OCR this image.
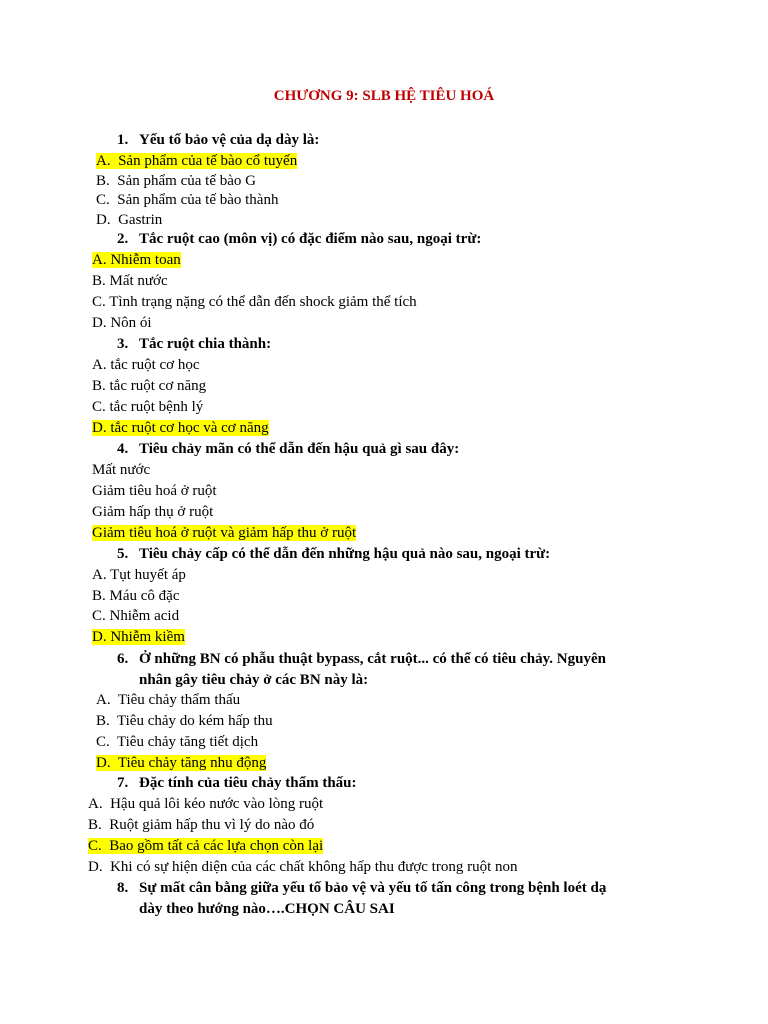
CHƯƠNG 9: SLB HỆ TIÊU HOÁ
1. Yếu tố bảo vệ của dạ dày là:
A. Sản phẩm của tế bào cổ tuyến
B. Sản phẩm của tế bào G
C. Sản phẩm của tế bào thành
D. Gastrin
2. Tắc ruột cao (môn vị) có đặc điểm nào sau, ngoại trừ:
A. Nhiễm toan
B. Mất nước
C. Tình trạng nặng có thể dẫn đến shock giảm thể tích
D. Nôn ói
3. Tắc ruột chia thành:
A. tắc ruột cơ học
B. tắc ruột cơ năng
C. tắc ruột bệnh lý
D. tắc ruột cơ học và cơ năng
4. Tiêu chảy mãn có thể dẫn đến hậu quả gì sau đây:
Mất nước
Giảm tiêu hoá ở ruột
Giảm hấp thụ ở ruột
Giảm tiêu hoá ở ruột và giảm hấp thu ở ruột
5. Tiêu chảy cấp có thể dẫn đến những hậu quả nào sau, ngoại trừ:
A. Tụt huyết áp
B. Máu cô đặc
C. Nhiễm acid
D. Nhiễm kiềm
6. Ở những BN có phẫu thuật bypass, cắt ruột... có thể có tiêu chảy. Nguyên
nhân gây tiêu chảy ở các BN này là:
A. Tiêu chảy thẩm thấu
B. Tiêu chảy do kém hấp thu
C. Tiêu chảy tăng tiết dịch
D. Tiêu chảy tăng nhu động
7. Đặc tính của tiêu chảy thẩm thấu:
A. Hậu quả lôi kéo nước vào lòng ruột
B. Ruột giảm hấp thu vì lý do nào đó
C. Bao gồm tất cả các lựa chọn còn lại
D. Khi có sự hiện diện của các chất không hấp thu được trong ruột non
8. Sự mất cân bằng giữa yếu tố bảo vệ và yếu tố tấn công trong bệnh loét dạ
dày theo hướng nào….CHỌN CÂU SAI
